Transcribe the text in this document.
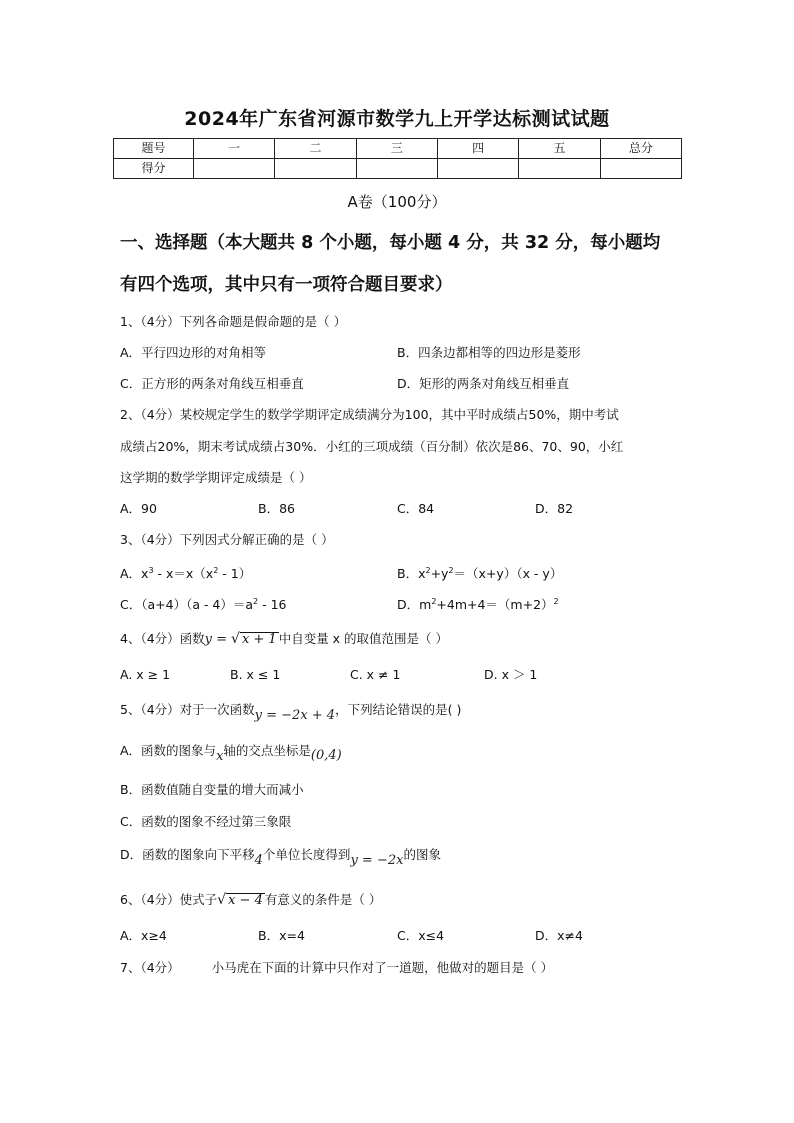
2024年广东省河源市数学九上开学达标测试试题
题号	一	二	三	四	五	总分
得分						
A卷（100分）
一、选择题（本大题共 8 个小题，每小题 4 分，共 32 分，每小题均
有四个选项，其中只有一项符合题目要求）
1、（4分）下列各命题是假命题的是（ ）
A．平行四边形的对角相等	B．四条边都相等的四边形是菱形
C．正方形的两条对角线互相垂直	D．矩形的两条对角线互相垂直
2、（4分）某校规定学生的数学学期评定成绩满分为100，其中平时成绩占50%，期中考试
成绩占20%，期末考试成绩占30%．小红的三项成绩（百分制）依次是86、70、90，小红
这学期的数学学期评定成绩是（ ）
A．90	B．86	C．84	D．82
3、（4分）下列因式分解正确的是（ ）
A．$x^3 - x=x(x^2 - 1)$	B．$x^2+y^2=(x+y)(x - y)$
C．$(a+4)(a - 4)=a^2 - 16$	D．$m^2+4m+4=(m+2)^2$
4、（4分）函数y = √ x + 1 中自变量 x 的取值范围是（ ）
A. x ≥ 1	B. x ≤ 1	C. x ≠ 1	D. x ＞ 1
5、（4分）对于一次函数y = −2x + 4，下列结论错误的是( )
A．函数的图象与x轴的交点坐标是(0,4)
B．函数值随自变量的增大而减小
C．函数的图象不经过第三象限
D．函数的图象向下平移4个单位长度得到y = −2x的图象
6、（4分）使式子√ x − 4 有意义的条件是（ ）
A．x≥4	B．x=4	C．x≤4	D．x≠4
7、（4分）	小马虎在下面的计算中只作对了一道题，他做对的题目是（ ）
